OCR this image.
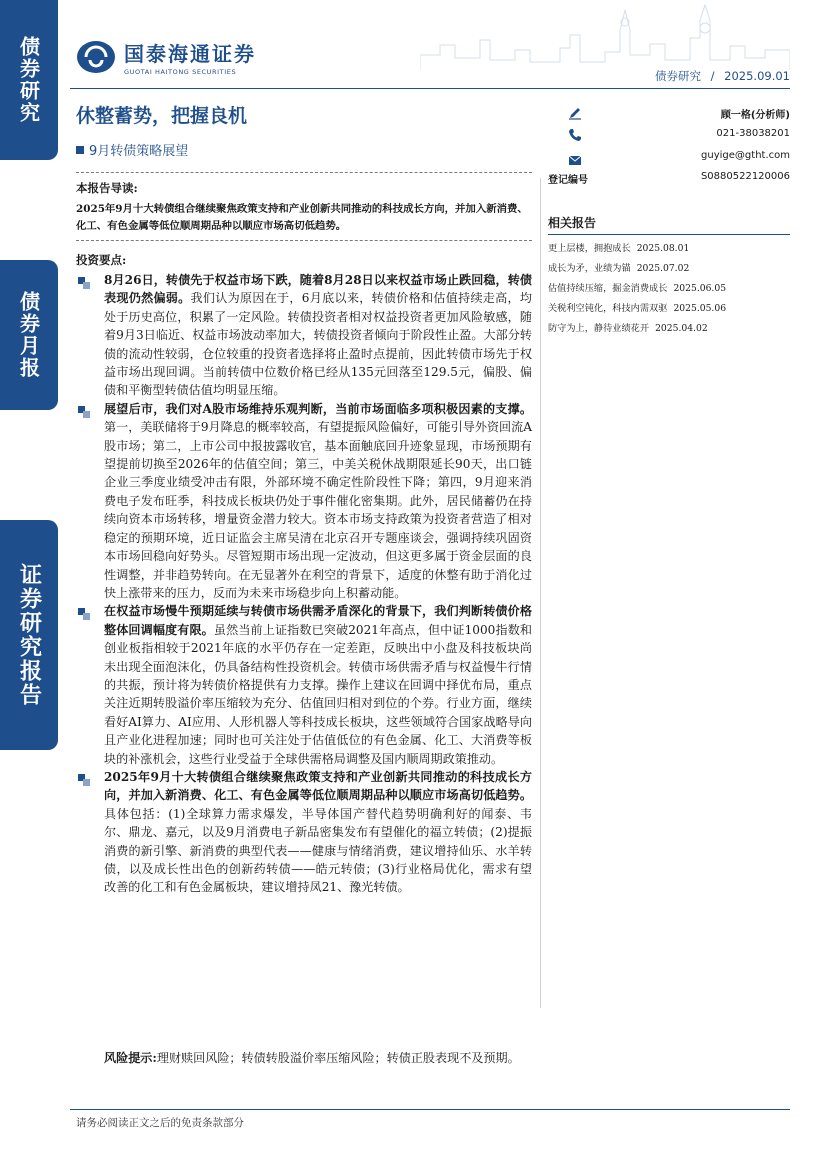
债券研究
债券月报
证券研究报告
国泰海通证券
GUOTAI HAITONG SECURITIES	债券研究 / 2025.09.01
休整蓄势，把握良机
9月转债策略展望
顾一格(分析师)
021-38038201
guyige@gtht.com
登记编号	S0880522120006
相关报告
更上层楼，拥抱成长 2025.08.01
成长为矛，业绩为锚 2025.07.02
估值持续压缩，掘金消费成长 2025.06.05
关税利空钝化，科技内需双驱 2025.05.06
防守为上，静待业绩花开 2025.04.02
本报告导读:
2025年9月十大转债组合继续聚焦政策支持和产业创新共同推动的科技成长方向，并加入新消费、化工、有色金属等低位顺周期品种以顺应市场高切低趋势。
投资要点:
8月26日，转债先于权益市场下跌，随着8月28日以来权益市场止跌回稳，转债表现仍然偏弱。我们认为原因在于，6月底以来，转债价格和估值持续走高，均处于历史高位，积累了一定风险。转债投资者相对权益投资者更加风险敏感，随着9月3日临近、权益市场波动率加大，转债投资者倾向于阶段性止盈。大部分转债的流动性较弱，仓位较重的投资者选择将止盈时点提前，因此转债市场先于权益市场出现回调。当前转债中位数价格已经从135元回落至129.5元，偏股、偏债和平衡型转债估值均明显压缩。
展望后市，我们对A股市场维持乐观判断，当前市场面临多项积极因素的支撑。第一，美联储将于9月降息的概率较高，有望提振风险偏好，可能引导外资回流A股市场；第二，上市公司中报披露收官，基本面触底回升迹象显现，市场预期有望提前切换至2026年的估值空间；第三，中美关税休战期限延长90天，出口链企业三季度业绩受冲击有限，外部环境不确定性阶段性下降；第四，9月迎来消费电子发布旺季，科技成长板块仍处于事件催化密集期。此外，居民储蓄仍在持续向资本市场转移，增量资金潜力较大。资本市场支持政策为投资者营造了相对稳定的预期环境，近日证监会主席吴清在北京召开专题座谈会，强调持续巩固资本市场回稳向好势头。尽管短期市场出现一定波动，但这更多属于资金层面的良性调整，并非趋势转向。在无显著外在利空的背景下，适度的休整有助于消化过快上涨带来的压力，反而为未来市场稳步向上积蓄动能。
在权益市场慢牛预期延续与转债市场供需矛盾深化的背景下，我们判断转债价格整体回调幅度有限。虽然当前上证指数已突破2021年高点，但中证1000指数和创业板指相较于2021年底的水平仍存在一定差距，反映出中小盘及科技板块尚未出现全面泡沫化，仍具备结构性投资机会。转债市场供需矛盾与权益慢牛行情的共振，预计将为转债价格提供有力支撑。操作上建议在回调中择优布局，重点关注近期转股溢价率压缩较为充分、估值回归相对到位的个券。行业方面，继续看好AI算力、AI应用、人形机器人等科技成长板块，这些领域符合国家战略导向且产业化进程加速；同时也可关注处于估值低位的有色金属、化工、大消费等板块的补涨机会，这些行业受益于全球供需格局调整及国内顺周期政策推动。
2025年9月十大转债组合继续聚焦政策支持和产业创新共同推动的科技成长方向，并加入新消费、化工、有色金属等低位顺周期品种以顺应市场高切低趋势。具体包括：(1)全球算力需求爆发，半导体国产替代趋势明确利好的闻泰、韦尔、鼎龙、嘉元，以及9月消费电子新品密集发布有望催化的福立转债；(2)提振消费的新引擎、新消费的典型代表——健康与情绪消费，建议增持仙乐、水羊转债，以及成长性出色的创新药转债——皓元转债；(3)行业格局优化，需求有望改善的化工和有色金属板块，建议增持凤21、豫光转债。
风险提示:理财赎回风险；转债转股溢价率压缩风险；转债正股表现不及预期。
请务必阅读正文之后的免责条款部分
